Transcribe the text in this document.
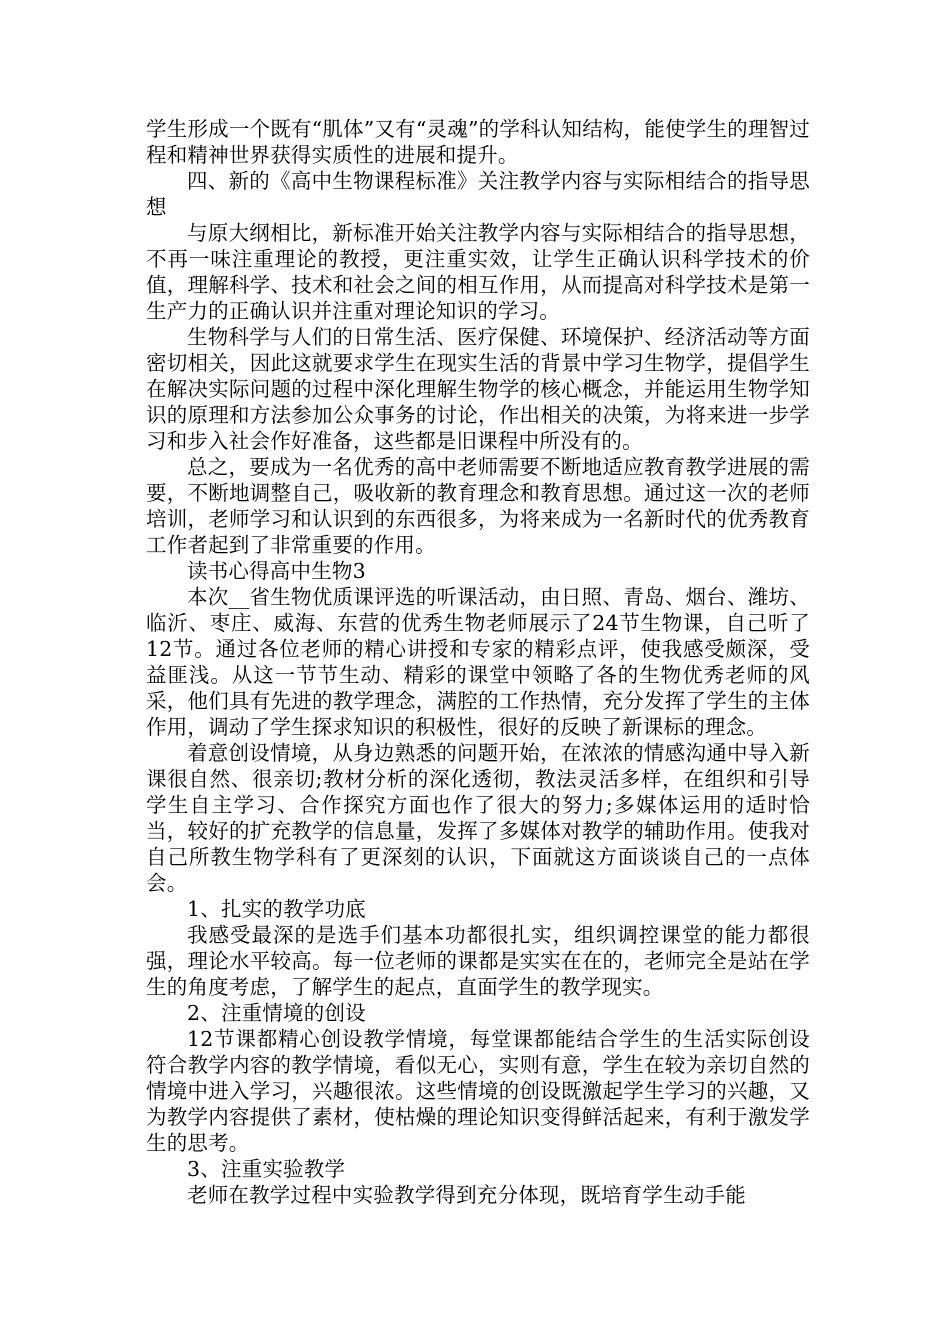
学生形成一个既有“肌体”又有“灵魂”的学科认知结构，能使学生的理智过程和精神世界获得实质性的进展和提升。

四、新的《高中生物课程标准》关注教学内容与实际相结合的指导思想

与原大纲相比，新标准开始关注教学内容与实际相结合的指导思想，不再一味注重理论的教授，更注重实效，让学生正确认识科学技术的价值，理解科学、技术和社会之间的相互作用，从而提高对科学技术是第一生产力的正确认识并注重对理论知识的学习。

生物科学与人们的日常生活、医疗保健、环境保护、经济活动等方面密切相关，因此这就要求学生在现实生活的背景中学习生物学，提倡学生在解决实际问题的过程中深化理解生物学的核心概念，并能运用生物学知识的原理和方法参加公众事务的讨论，作出相关的决策，为将来进一步学习和步入社会作好准备，这些都是旧课程中所没有的。

总之，要成为一名优秀的高中老师需要不断地适应教育教学进展的需要，不断地调整自己，吸收新的教育理念和教育思想。通过这一次的老师培训，老师学习和认识到的东西很多，为将来成为一名新时代的优秀教育工作者起到了非常重要的作用。

读书心得高中生物3

本次__省生物优质课评选的听课活动，由日照、青岛、烟台、潍坊、临沂、枣庄、威海、东营的优秀生物老师展示了24节生物课，自己听了12节。通过各位老师的精心讲授和专家的精彩点评，使我感受颇深，受益匪浅。从这一节节生动、精彩的课堂中领略了各的生物优秀老师的风采，他们具有先进的教学理念，满腔的工作热情，充分发挥了学生的主体作用，调动了学生探求知识的积极性，很好的反映了新课标的理念。

着意创设情境，从身边熟悉的问题开始，在浓浓的情感沟通中导入新课很自然、很亲切;教材分析的深化透彻，教法灵活多样，在组织和引导学生自主学习、合作探究方面也作了很大的努力;多媒体运用的适时恰当，较好的扩充教学的信息量，发挥了多媒体对教学的辅助作用。使我对自己所教生物学科有了更深刻的认识，下面就这方面谈谈自己的一点体会。

1、扎实的教学功底

我感受最深的是选手们基本功都很扎实，组织调控课堂的能力都很强，理论水平较高。每一位老师的课都是实实在在的，老师完全是站在学生的角度考虑，了解学生的起点，直面学生的教学现实。

2、注重情境的创设

12节课都精心创设教学情境，每堂课都能结合学生的生活实际创设符合教学内容的教学情境，看似无心，实则有意，学生在较为亲切自然的情境中进入学习，兴趣很浓。这些情境的创设既激起学生学习的兴趣，又为教学内容提供了素材，使枯燥的理论知识变得鲜活起来，有利于激发学生的思考。

3、注重实验教学

老师在教学过程中实验教学得到充分体现，既培育学生动手能
